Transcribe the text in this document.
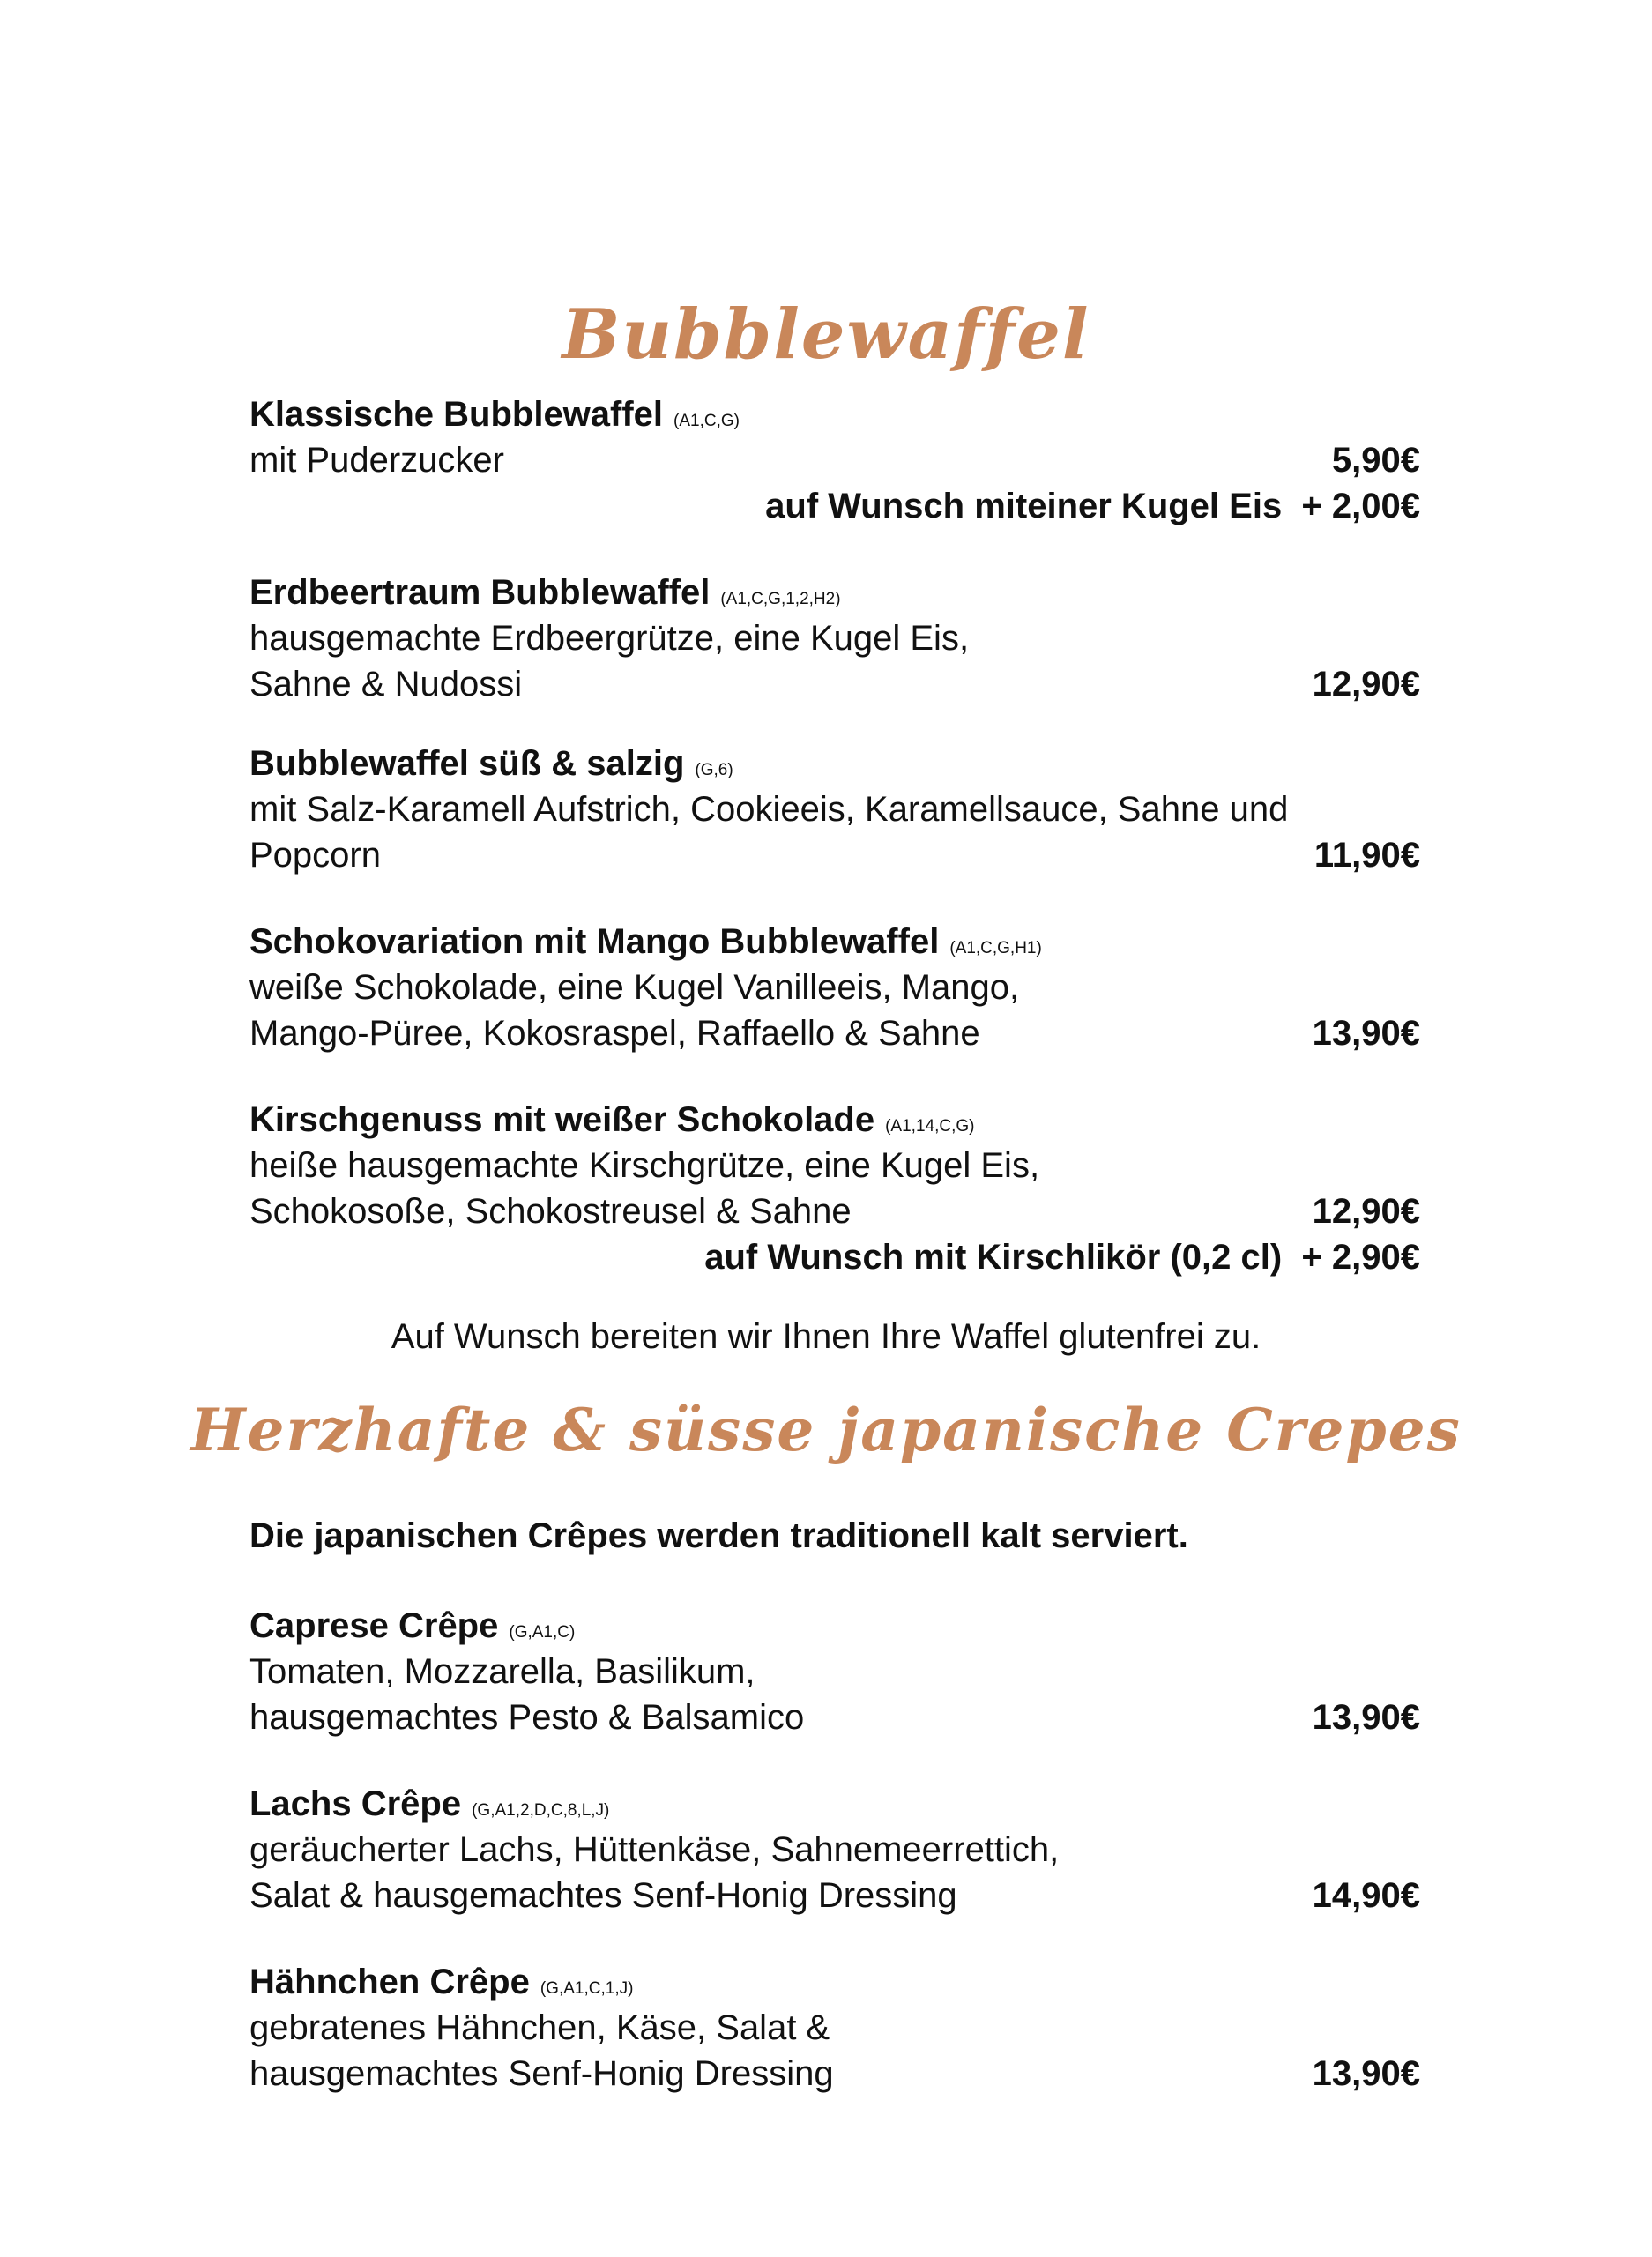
Bubblewaffel
Klassische Bubblewaffel (A1,C,G)
mit Puderzucker	5,90€
auf Wunsch miteiner Kugel Eis  + 2,00€
Erdbeertraum Bubblewaffel (A1,C,G,1,2,H2)
hausgemachte Erdbeergrütze, eine Kugel Eis,
Sahne & Nudossi	12,90€
Bubblewaffel süß & salzig (G,6)
mit Salz-Karamell Aufstrich, Cookieeis, Karamellsauce, Sahne und
Popcorn	11,90€
Schokovariation mit Mango Bubblewaffel (A1,C,G,H1)
weiße Schokolade, eine Kugel Vanilleeis, Mango,
Mango-Püree, Kokosraspel, Raffaello & Sahne	13,90€
Kirschgenuss mit weißer Schokolade (A1,14,C,G)
heiße hausgemachte Kirschgrütze, eine Kugel Eis,
Schokosoße, Schokostreusel & Sahne	12,90€
auf Wunsch mit Kirschlikör (0,2 cl)  + 2,90€
Auf Wunsch bereiten wir Ihnen Ihre Waffel glutenfrei zu.
Herzhafte & süsse japanische Crepes
Die japanischen Crêpes werden traditionell kalt serviert.
Caprese Crêpe (G,A1,C)
Tomaten, Mozzarella, Basilikum,
hausgemachtes Pesto & Balsamico	13,90€
Lachs Crêpe (G,A1,2,D,C,8,L,J)
geräucherter Lachs, Hüttenkäse, Sahnemeerrettich,
Salat & hausgemachtes Senf-Honig Dressing	14,90€
Hähnchen Crêpe (G,A1,C,1,J)
gebratenes Hähnchen, Käse, Salat &
hausgemachtes Senf-Honig Dressing	13,90€
